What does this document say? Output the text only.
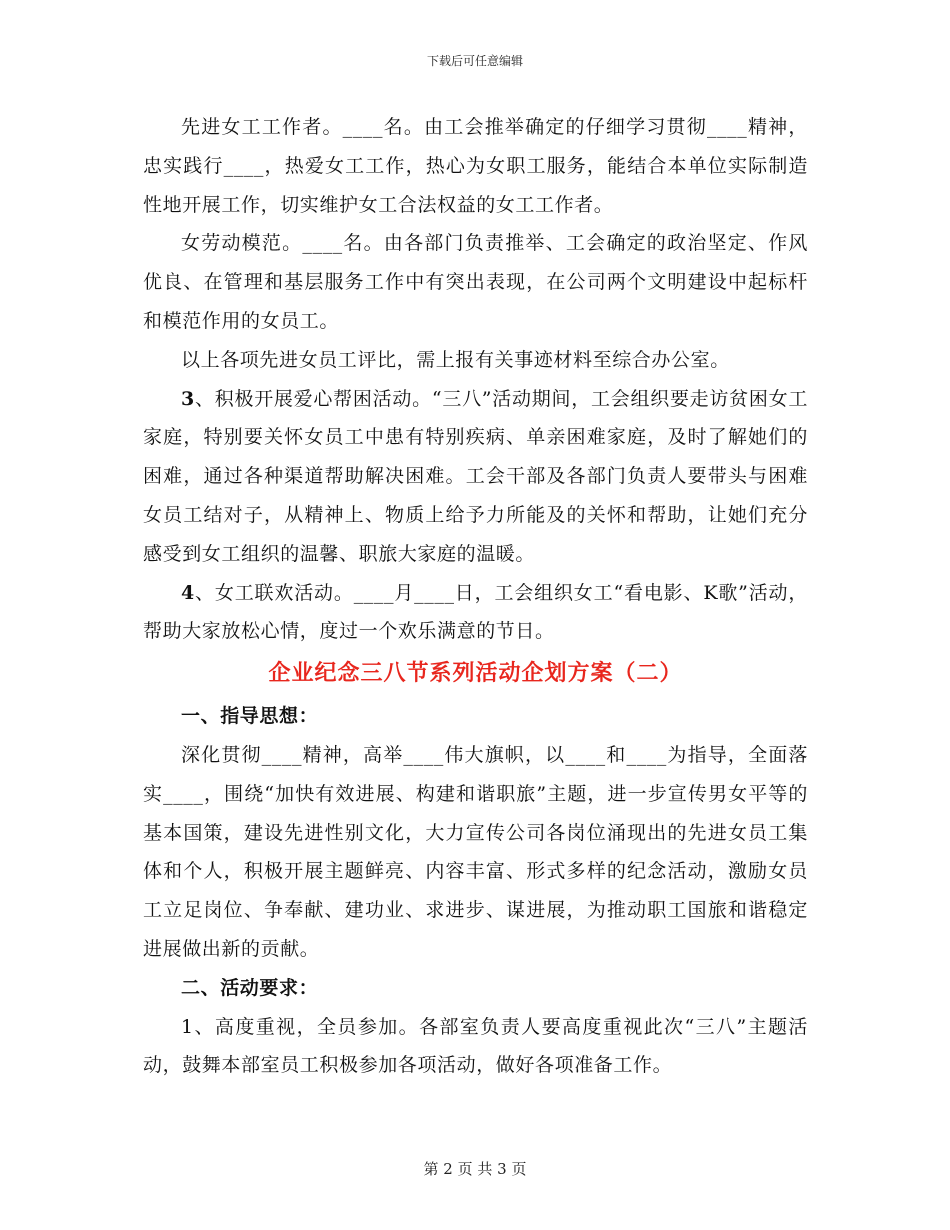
下载后可任意编辑

先进女工工作者。____名。由工会推举确定的仔细学习贯彻____精神，忠实践行____，热爱女工工作，热心为女职工服务，能结合本单位实际制造性地开展工作，切实维护女工合法权益的女工工作者。

女劳动模范。____名。由各部门负责推举、工会确定的政治坚定、作风优良、在管理和基层服务工作中有突出表现，在公司两个文明建设中起标杆和模范作用的女员工。

以上各项先进女员工评比，需上报有关事迹材料至综合办公室。

3、积极开展爱心帮困活动。“三八”活动期间，工会组织要走访贫困女工家庭，特别要关怀女员工中患有特别疾病、单亲困难家庭，及时了解她们的困难，通过各种渠道帮助解决困难。工会干部及各部门负责人要带头与困难女员工结对子，从精神上、物质上给予力所能及的关怀和帮助，让她们充分感受到女工组织的温馨、职旅大家庭的温暖。

4、女工联欢活动。____月____日，工会组织女工“看电影、K歌”活动，帮助大家放松心情，度过一个欢乐满意的节日。

企业纪念三八节系列活动企划方案（二）

一、指导思想：

深化贯彻____精神，高举____伟大旗帜，以____和____为指导，全面落实____，围绕“加快有效进展、构建和谐职旅”主题，进一步宣传男女平等的基本国策，建设先进性别文化，大力宣传公司各岗位涌现出的先进女员工集体和个人，积极开展主题鲜亮、内容丰富、形式多样的纪念活动，激励女员工立足岗位、争奉献、建功业、求进步、谋进展，为推动职工国旅和谐稳定进展做出新的贡献。

二、活动要求：

1、高度重视，全员参加。各部室负责人要高度重视此次“三八”主题活动，鼓舞本部室员工积极参加各项活动，做好各项准备工作。

第 2 页 共 3 页
